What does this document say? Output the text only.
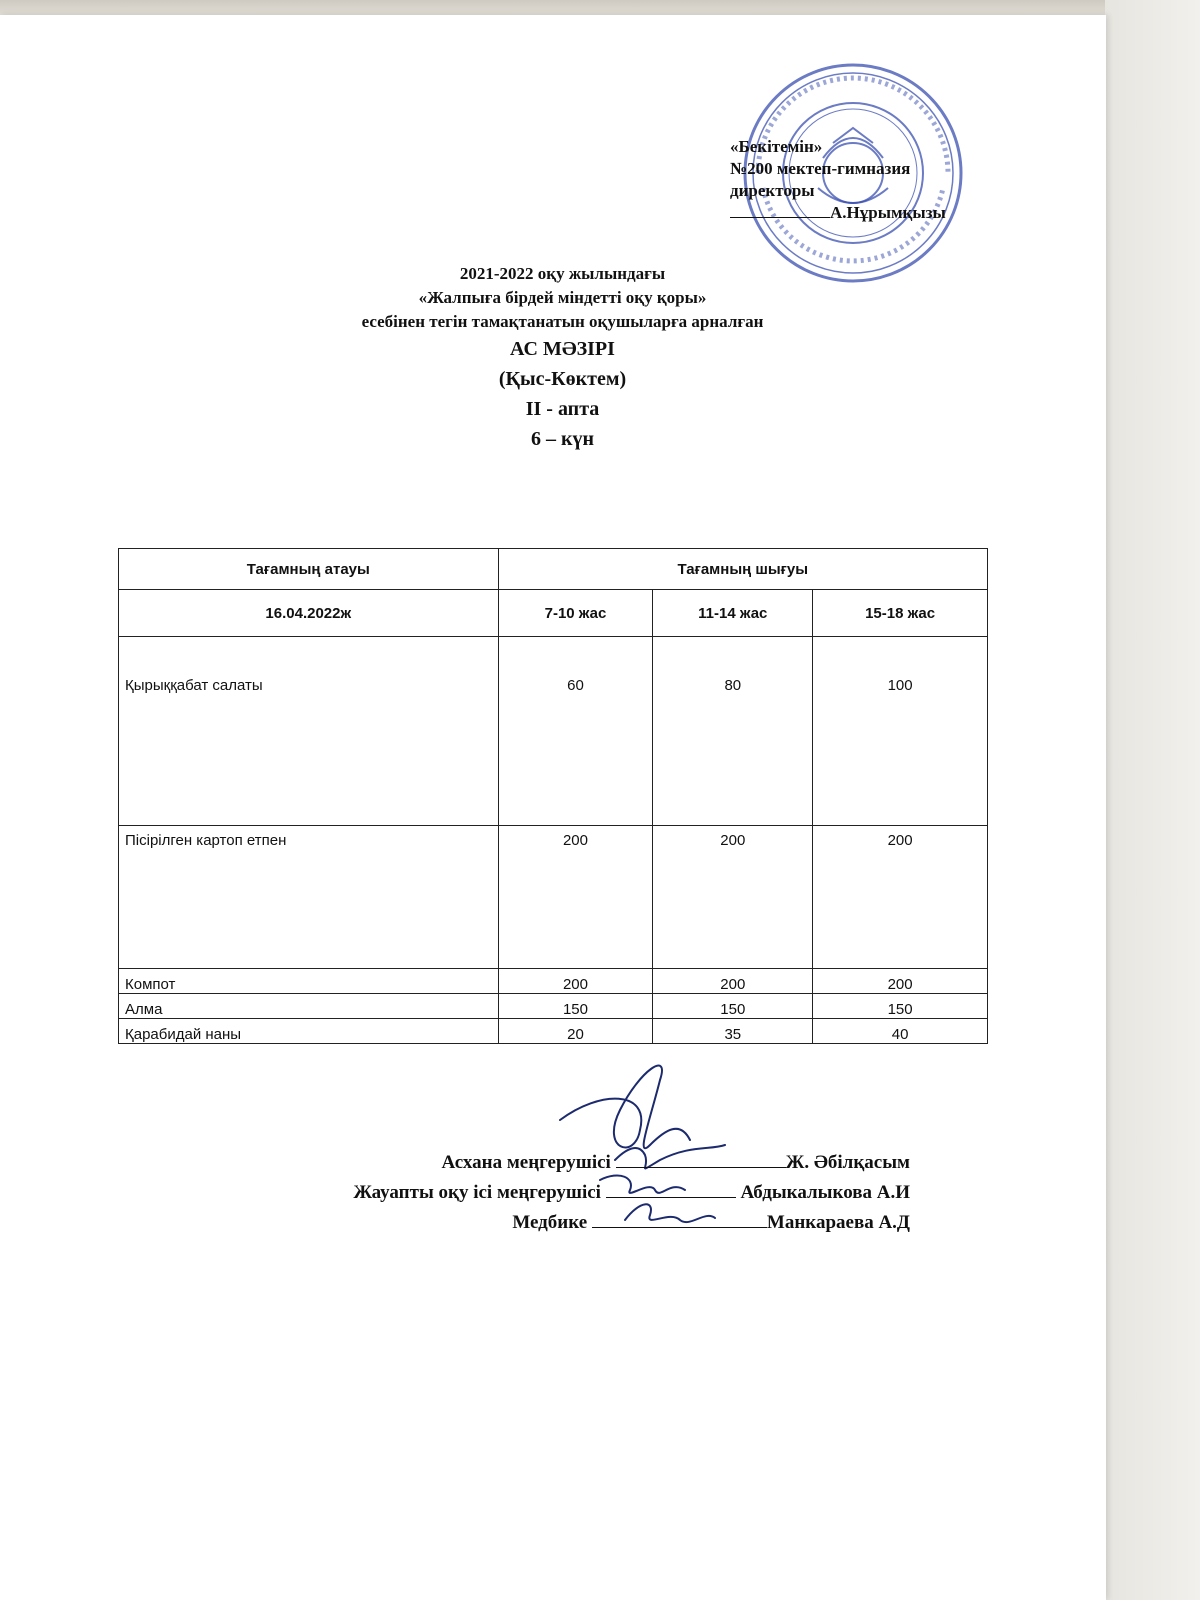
«Бекітемін»
№200 мектеп-гимназия
директоры
А.Нұрымқызы
2021-2022 оқу жылындағы
«Жалпыға бірдей міндетті оқу қоры»
есебінен тегін тамақтанатын оқушыларға арналған
АС МӘЗІРІ
(Қыс-Көктем)
ІІ - апта
6 – күн
Тағамның атауы	Тағамның шығуы		
16.04.2022ж	7-10 жас	11-14 жас	15-18 жас
Қырыққабат салаты	60	80	100
Пісірілген картоп етпен	200	200	200
Компот	200	200	200
Алма	150	150	150
Қарабидай наны	20	35	40
Асхана меңгерушісі	Ж. Әбілқасым
Жауапты оқу ісі меңгерушісі	Абдыкалыкова А.И
Медбике	Манкараева А.Д
